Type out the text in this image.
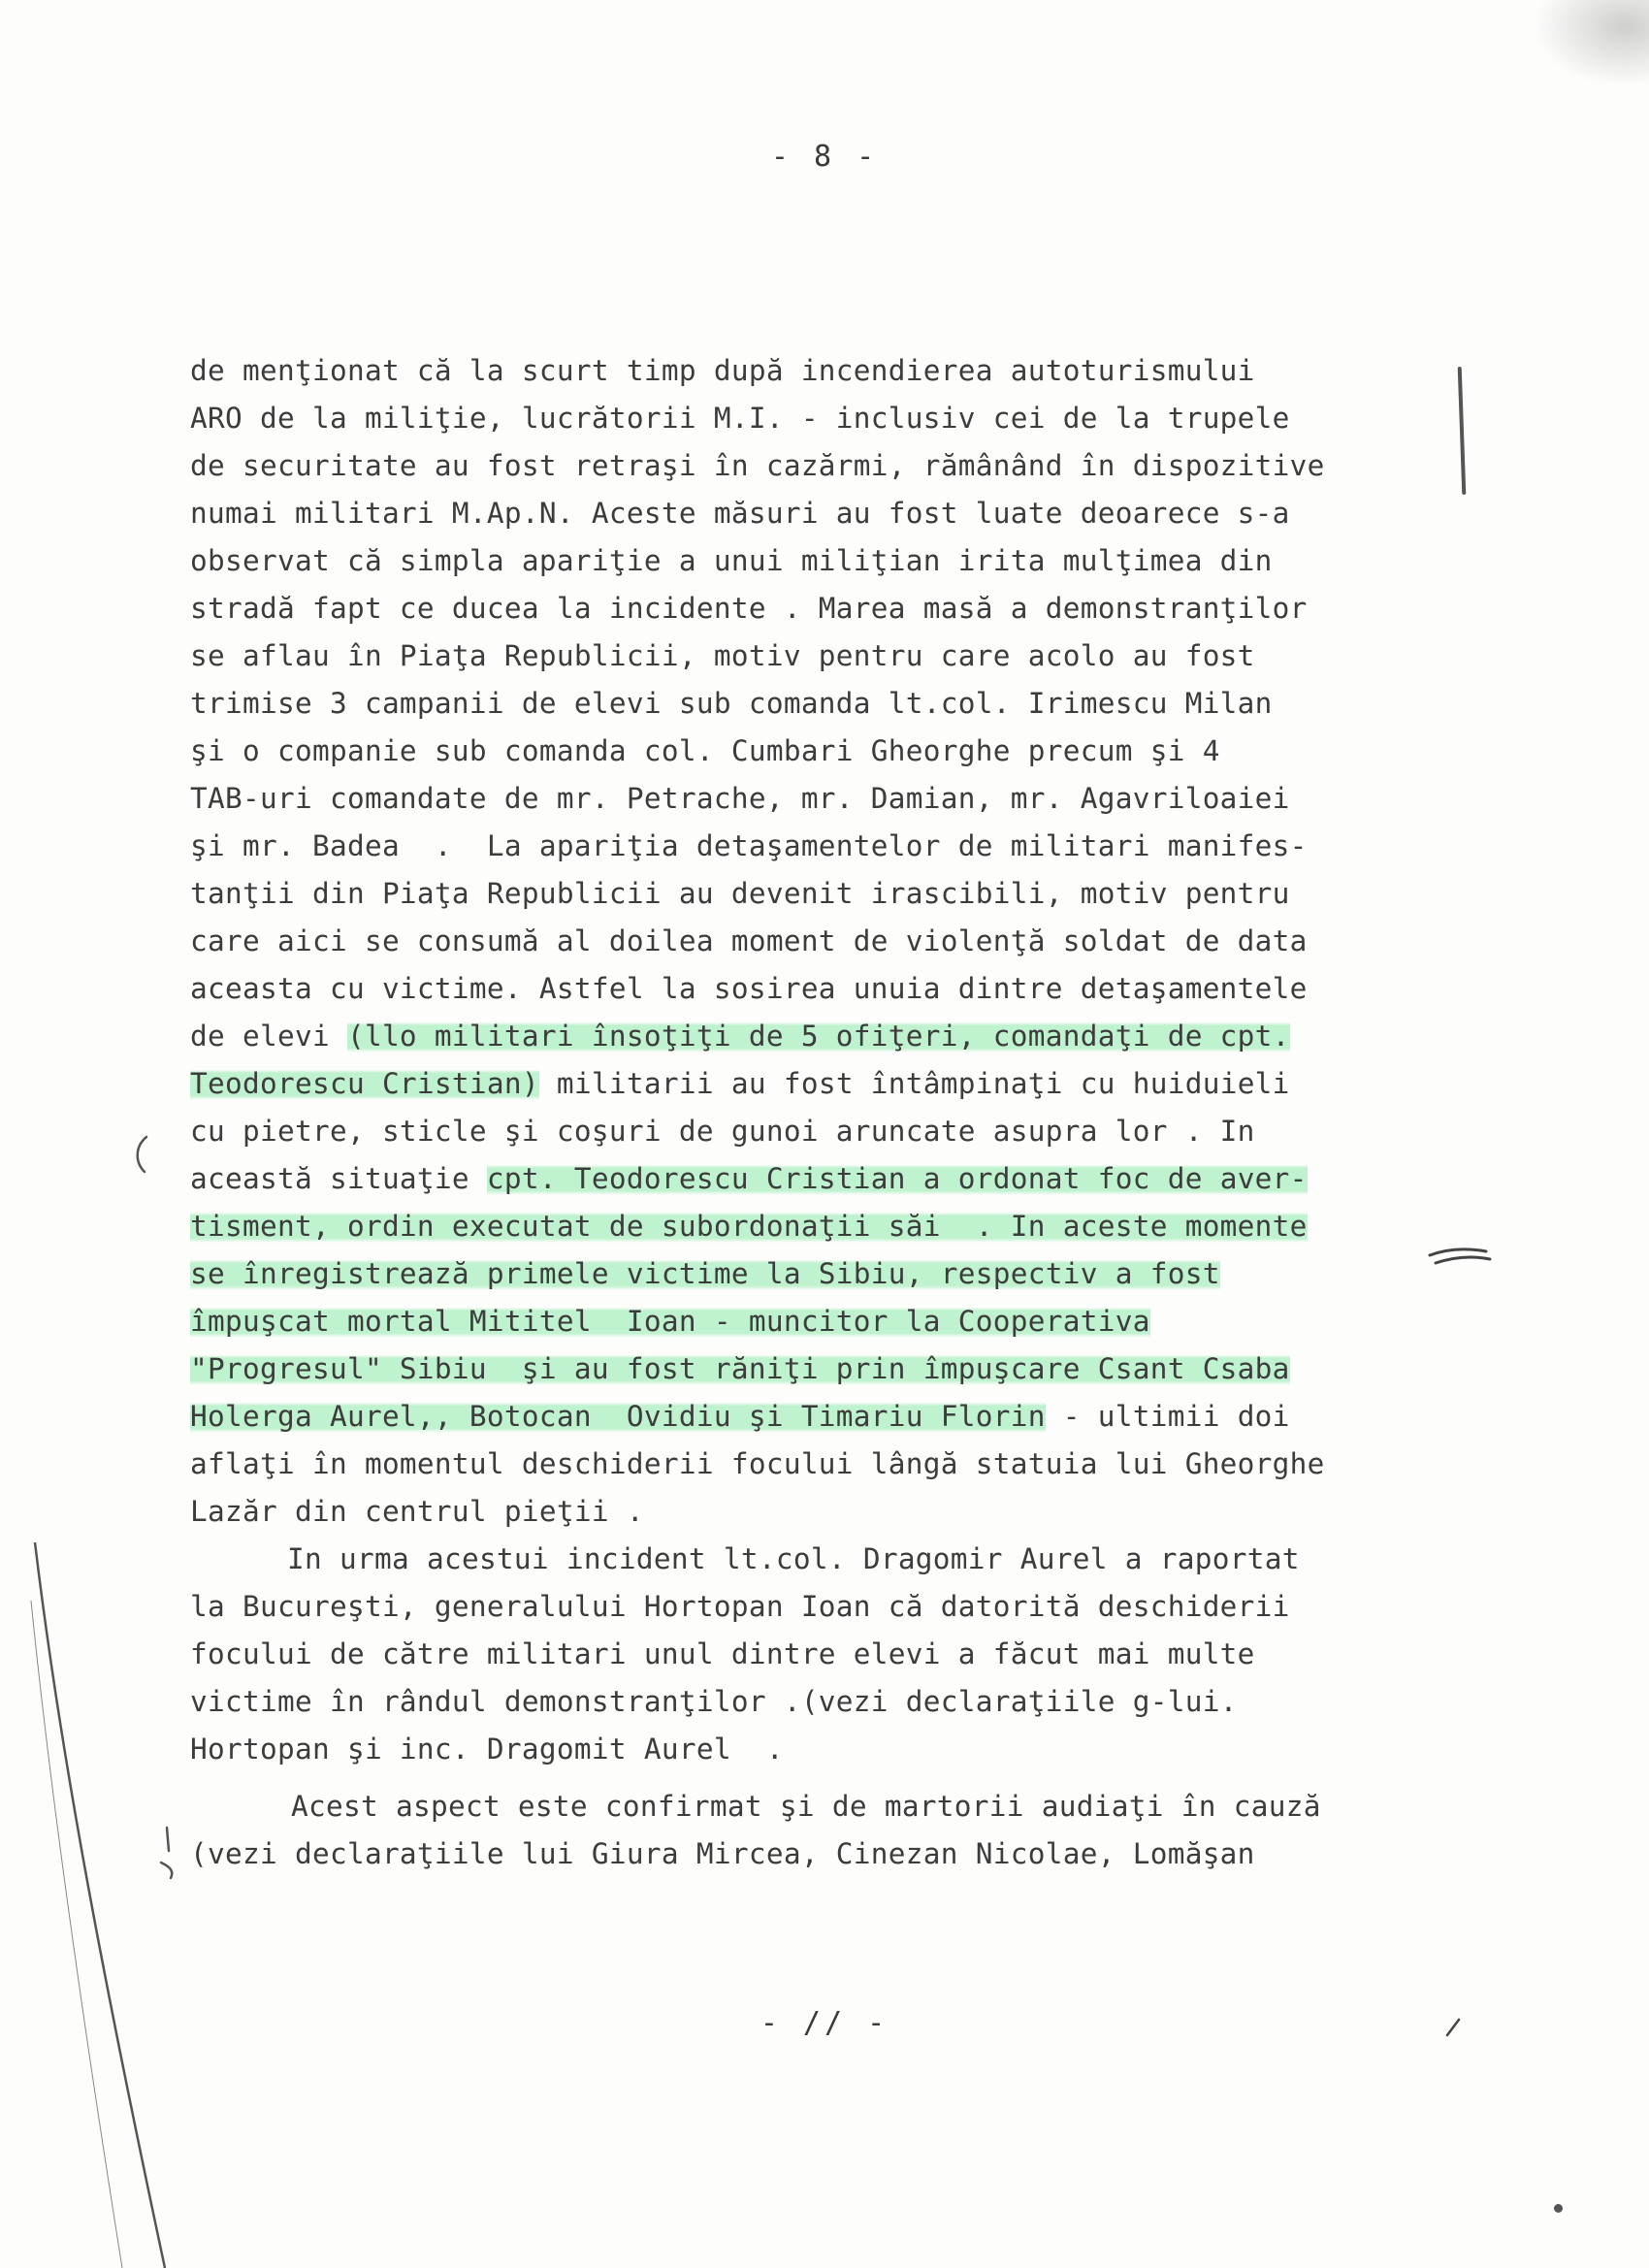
- 8 -
de menţionat că la scurt timp după incendierea autoturismului
ARO de la miliţie, lucrătorii M.I. - inclusiv cei de la trupele
de securitate au fost retraşi în cazărmi, rămânând în dispozitive
numai militari M.Ap.N. Aceste măsuri au fost luate deoarece s-a
observat că simpla apariţie a unui miliţian irita mulţimea din
stradă fapt ce ducea la incidente . Marea masă a demonstranţilor
se aflau în Piaţa Republicii, motiv pentru care acolo au fost
trimise 3 campanii de elevi sub comanda lt.col. Irimescu Milan
şi o companie sub comanda col. Cumbari Gheorghe precum şi 4
TAB-uri comandate de mr. Petrache, mr. Damian, mr. Agavriloaiei
şi mr. Badea  .  La apariţia detaşamentelor de militari manifes-
tanţii din Piaţa Republicii au devenit irascibili, motiv pentru
care aici se consumă al doilea moment de violenţă soldat de data
aceasta cu victime. Astfel la sosirea unuia dintre detaşamentele
de elevi (llo militari însoţiţi de 5 ofiţeri, comandaţi de cpt.
Teodorescu Cristian) militarii au fost întâmpinaţi cu huiduieli
cu pietre, sticle şi coşuri de gunoi aruncate asupra lor . In
această situaţie cpt. Teodorescu Cristian a ordonat foc de aver-
tisment, ordin executat de subordonaţii săi  . In aceste momente
se înregistrează primele victime la Sibiu, respectiv a fost
împuşcat mortal Mititel  Ioan - muncitor la Cooperativa
"Progresul" Sibiu  şi au fost răniţi prin împuşcare Csant Csaba
Holerga Aurel,, Botocan  Ovidiu şi Timariu Florin - ultimii doi
aflaţi în momentul deschiderii focului lângă statuia lui Gheorghe
Lazăr din centrul pieţii .
In urma acestui incident lt.col. Dragomir Aurel a raportat
la Bucureşti, generalului Hortopan Ioan că datorită deschiderii
focului de către militari unul dintre elevi a făcut mai multe
victime în rândul demonstranţilor .(vezi declaraţiile g-lui.
Hortopan şi inc. Dragomit Aurel  .
Acest aspect este confirmat şi de martorii audiaţi în cauză
(vezi declaraţiile lui Giura Mircea, Cinezan Nicolae, Lomăşan
- // -
